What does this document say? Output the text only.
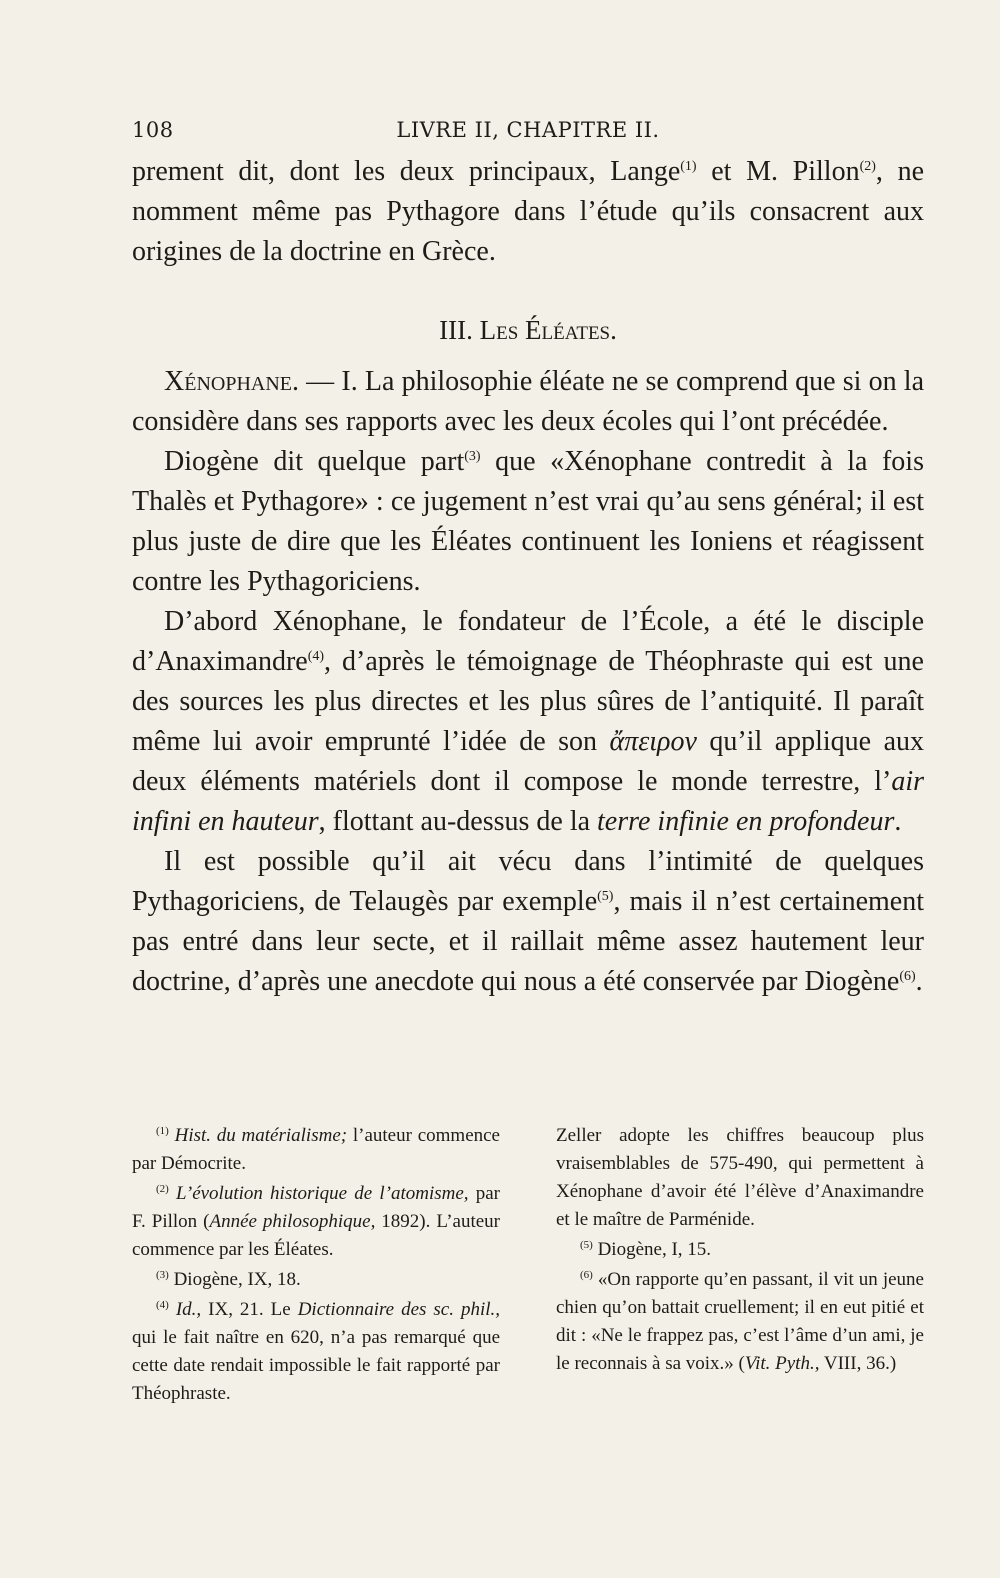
108	LIVRE II, CHAPITRE II.

prement dit, dont les deux principaux, Lange$^{(1)}$ et M. Pillon$^{(2)}$, ne nomment même pas Pythagore dans l’étude qu’ils consacrent aux origines de la doctrine en Grèce.

III. Les Éléates.

Xénophane. — I. La philosophie éléate ne se comprend que si on la considère dans ses rapports avec les deux écoles qui l’ont précédée.

Diogène dit quelque part$^{(3)}$ que «Xénophane contredit à la fois Thalès et Pythagore» : ce jugement n’est vrai qu’au sens général; il est plus juste de dire que les Éléates continuent les Ioniens et réagissent contre les Pythagoriciens.

D’abord Xénophane, le fondateur de l’École, a été le disciple d’Anaximandre$^{(4)}$, d’après le témoignage de Théophraste qui est une des sources les plus directes et les plus sûres de l’antiquité. Il paraît même lui avoir emprunté l’idée de son ἄπειρον qu’il applique aux deux éléments matériels dont il compose le monde terrestre, l’air infini en hauteur, flottant au-dessus de la terre infinie en profondeur.

Il est possible qu’il ait vécu dans l’intimité de quelques Pythagoriciens, de Telaugès par exemple$^{(5)}$, mais il n’est certainement pas entré dans leur secte, et il raillait même assez hautement leur doctrine, d’après une anecdote qui nous a été conservée par Diogène$^{(6)}$.

$^{(1)}$ Hist. du matérialisme; l’auteur commence par Démocrite.

$^{(2)}$ L’évolution historique de l’atomisme, par F. Pillon (Année philosophique, 1892). L’auteur commence par les Éléates.

$^{(3)}$ Diogène, IX, 18.

$^{(4)}$ Id., IX, 21. Le Dictionnaire des sc. phil., qui le fait naître en 620, n’a pas remarqué que cette date rendait impossible le fait rapporté par Théophraste.

Zeller adopte les chiffres beaucoup plus vraisemblables de 575-490, qui permettent à Xénophane d’avoir été l’élève d’Anaximandre et le maître de Parménide.

$^{(5)}$ Diogène, I, 15.

$^{(6)}$ «On rapporte qu’en passant, il vit un jeune chien qu’on battait cruellement; il en eut pitié et dit : «Ne le frappez pas, c’est l’âme d’un ami, je le reconnais à sa voix.» (Vit. Pyth., VIII, 36.)
